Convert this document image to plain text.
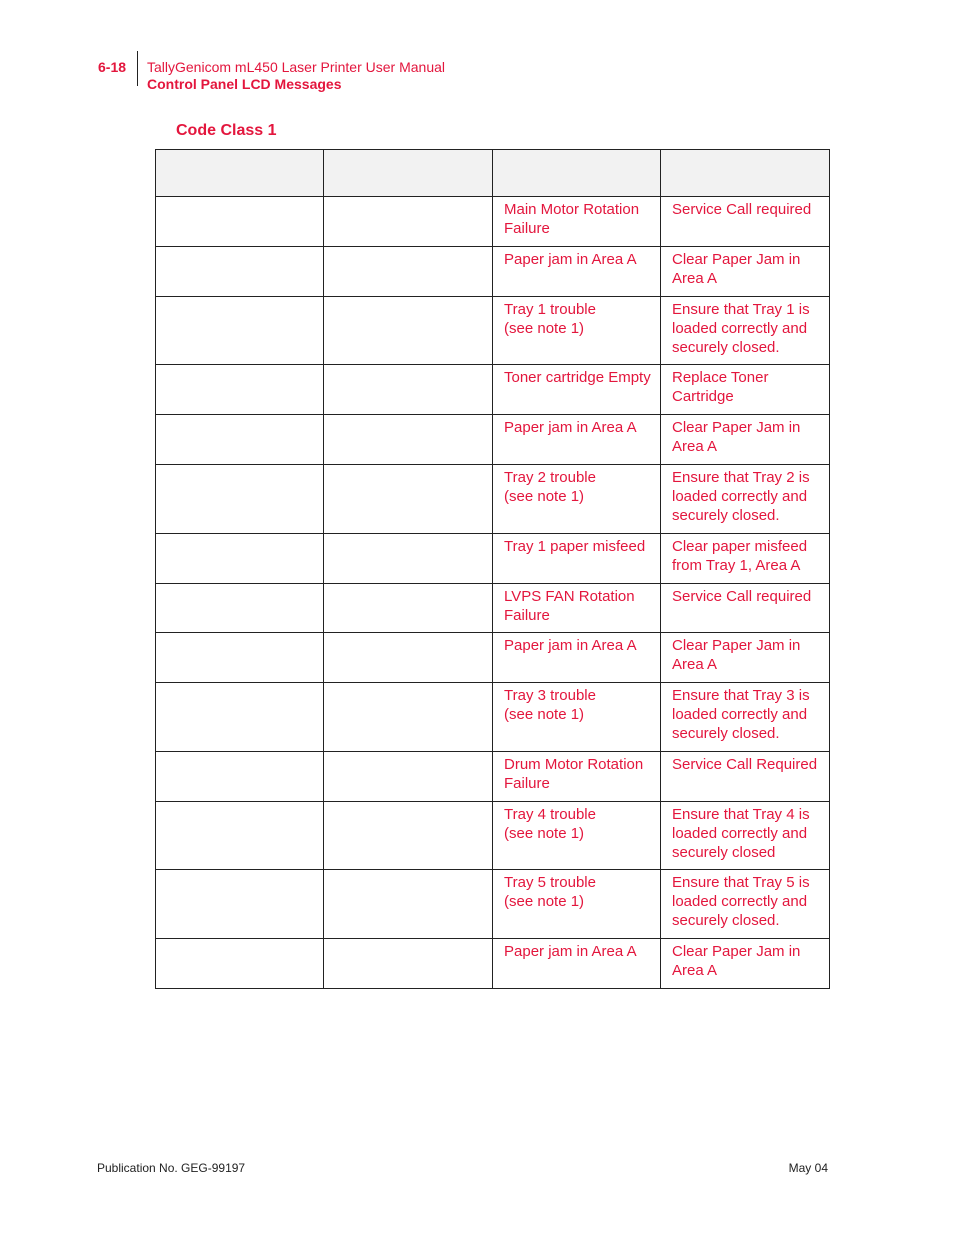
6-18	TallyGenicom mL450 Laser Printer User Manual
Control Panel LCD Messages
Code Class 1

		Main Motor Rotation
Failure	Service Call required

		Paper jam in Area A	Clear Paper Jam in
Area A

		Tray 1 trouble
(see note 1)	Ensure that Tray 1 is
loaded correctly and
securely closed.

		Toner cartridge Empty	Replace Toner
Cartridge

		Paper jam in Area A	Clear Paper Jam in
Area A

		Tray 2 trouble
(see note 1)	Ensure that Tray 2 is
loaded correctly and
securely closed.

		Tray 1 paper misfeed	Clear paper misfeed
from Tray 1, Area A

		LVPS FAN Rotation
Failure	Service Call required

		Paper jam in Area A	Clear Paper Jam in
Area A

		Tray 3 trouble
(see note 1)	Ensure that Tray 3 is
loaded correctly and
securely closed.

		Drum Motor Rotation
Failure	Service Call Required

		Tray 4 trouble
(see note 1)	Ensure that Tray 4 is
loaded correctly and
securely closed

		Tray 5 trouble
(see note 1)	Ensure that Tray 5 is
loaded correctly and
securely closed.

		Paper jam in Area A	Clear Paper Jam in
Area A
Publication No. GEG-99197	May 04
